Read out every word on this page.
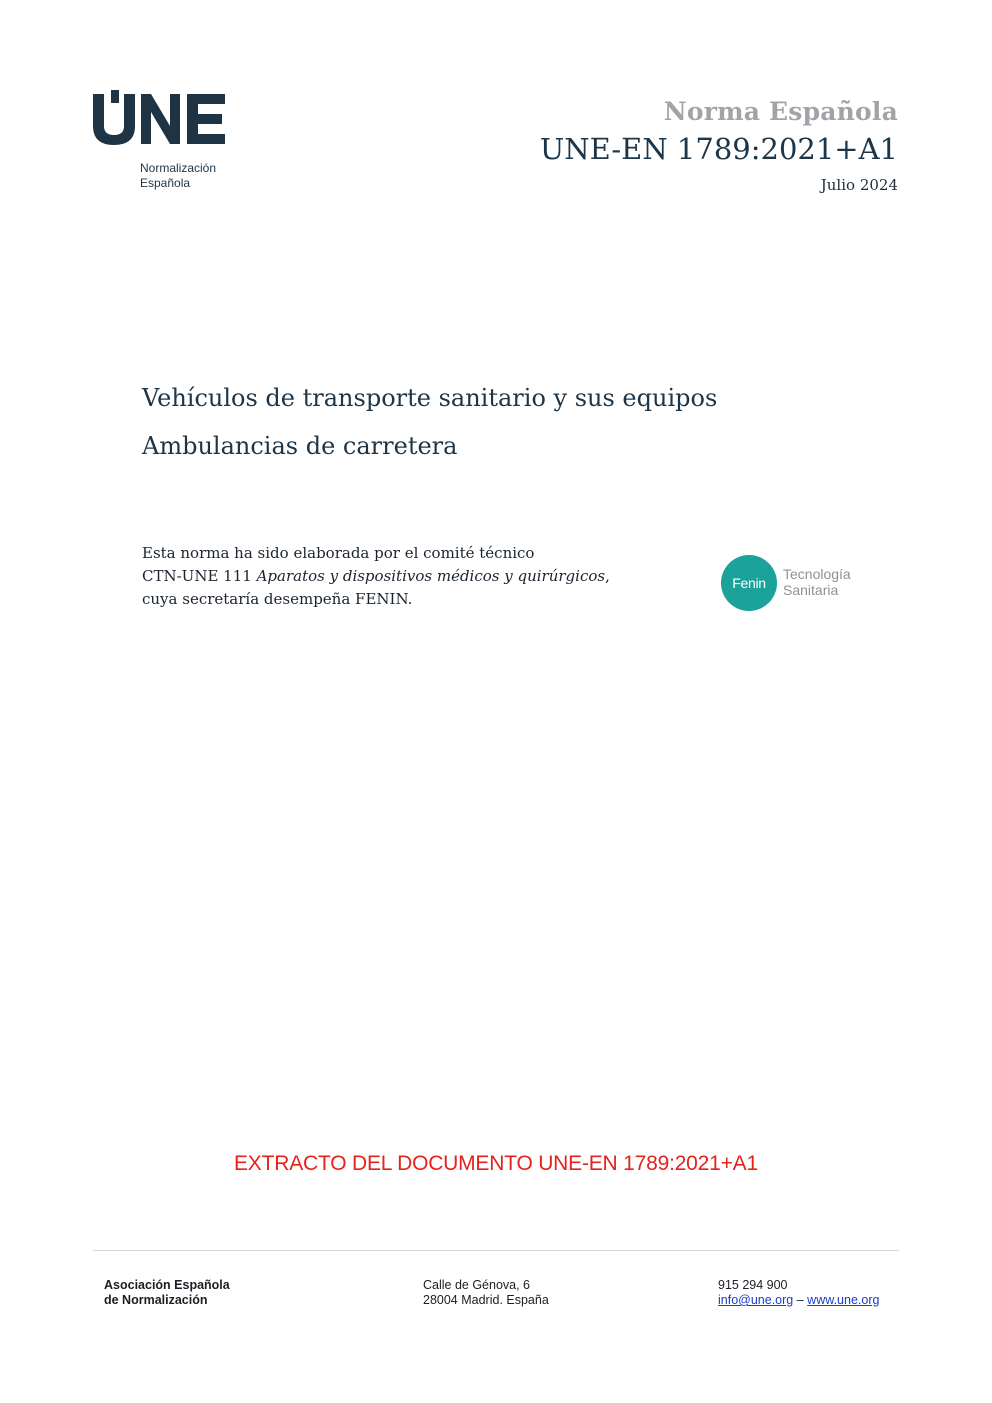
Normalización
Española
Norma Española
UNE-EN 1789:2021+A1
Julio 2024
Vehículos de transporte sanitario y sus equipos
Ambulancias de carretera
Esta norma ha sido elaborada por el comité técnico
CTN-UNE 111 Aparatos y dispositivos médicos y quirúrgicos,
cuya secretaría desempeña FENIN.
Fenin
Tecnología
Sanitaria
EXTRACTO DEL DOCUMENTO UNE-EN 1789:2021+A1
Asociación Española
de Normalización
Calle de Génova, 6
28004 Madrid. España
915 294 900
info@une.org – www.une.org
